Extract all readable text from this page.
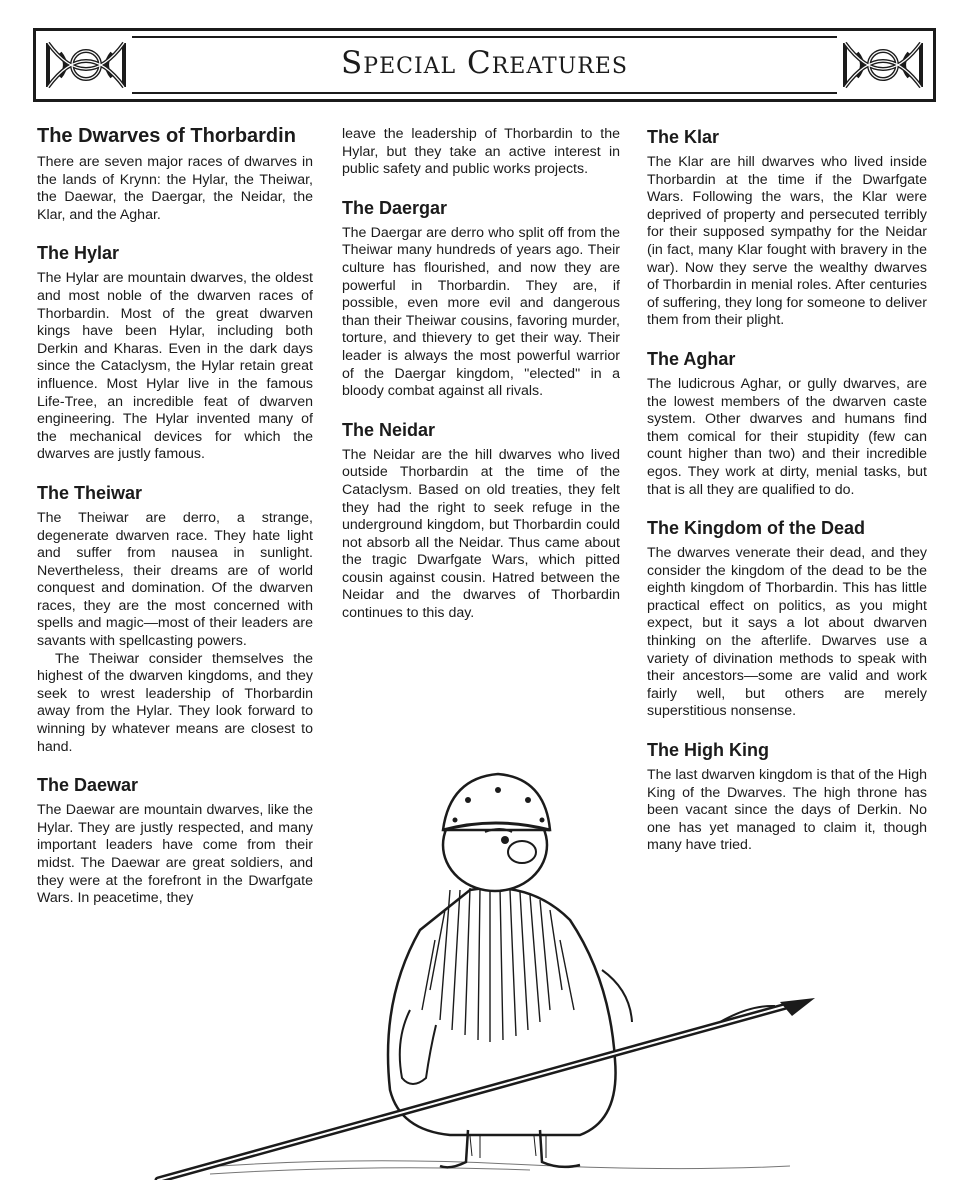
Special Creatures
The Dwarves of Thorbardin

There are seven major races of dwarves in the lands of Krynn: the Hylar, the Theiwar, the Daewar, the Daergar, the Neidar, the Klar, and the Aghar.

The Hylar

The Hylar are mountain dwarves, the oldest and most noble of the dwarven races of Thorbardin. Most of the great dwarven kings have been Hylar, including both Derkin and Kharas. Even in the dark days since the Cataclysm, the Hylar retain great influence. Most Hylar live in the famous Life-Tree, an incredible feat of dwarven engineering. The Hylar invented many of the mechanical devices for which the dwarves are justly famous.

The Theiwar

The Theiwar are derro, a strange, degenerate dwarven race. They hate light and suffer from nausea in sunlight. Nevertheless, their dreams are of world conquest and domination. Of the dwarven races, they are the most concerned with spells and magic—most of their leaders are savants with spellcasting powers.

The Theiwar consider themselves the highest of the dwarven kingdoms, and they seek to wrest leadership of Thorbardin away from the Hylar. They look forward to winning by whatever means are closest to hand.

The Daewar

The Daewar are mountain dwarves, like the Hylar. They are justly respected, and many important leaders have come from their midst. The Daewar are great soldiers, and they were at the forefront in the Dwarfgate Wars. In peacetime, they

leave the leadership of Thorbardin to the Hylar, but they take an active interest in public safety and public works projects.

The Daergar

The Daergar are derro who split off from the Theiwar many hundreds of years ago. Their culture has flourished, and now they are powerful in Thorbardin. They are, if possible, even more evil and dangerous than their Theiwar cousins, favoring murder, torture, and thievery to get their way. Their leader is always the most powerful warrior of the Daergar kingdom, "elected" in a bloody combat against all rivals.

The Neidar

The Neidar are the hill dwarves who lived outside Thorbardin at the time of the Cataclysm. Based on old treaties, they felt they had the right to seek refuge in the underground kingdom, but Thorbardin could not absorb all the Neidar. Thus came about the tragic Dwarfgate Wars, which pitted cousin against cousin. Hatred between the Neidar and the dwarves of Thorbardin continues to this day.

The Klar

The Klar are hill dwarves who lived inside Thorbardin at the time if the Dwarfgate Wars. Following the wars, the Klar were deprived of property and persecuted terribly for their supposed sympathy for the Neidar (in fact, many Klar fought with bravery in the war). Now they serve the wealthy dwarves of Thorbardin in menial roles. After centuries of suffering, they long for someone to deliver them from their plight.

The Aghar

The ludicrous Aghar, or gully dwarves, are the lowest members of the dwarven caste system. Other dwarves and humans find them comical for their stupidity (few can count higher than two) and their incredible egos. They work at dirty, menial tasks, but that is all they are qualified to do.

The Kingdom of the Dead

The dwarves venerate their dead, and they consider the kingdom of the dead to be the eighth kingdom of Thorbardin. This has little practical effect on politics, as you might expect, but it says a lot about dwarven thinking on the afterlife. Dwarves use a variety of divination methods to speak with their ancestors—some are valid and work fairly well, but others are merely superstitious nonsense.

The High King

The last dwarven kingdom is that of the High King of the Dwarves. The high throne has been vacant since the days of Derkin. No one has yet managed to claim it, though many have tried.
